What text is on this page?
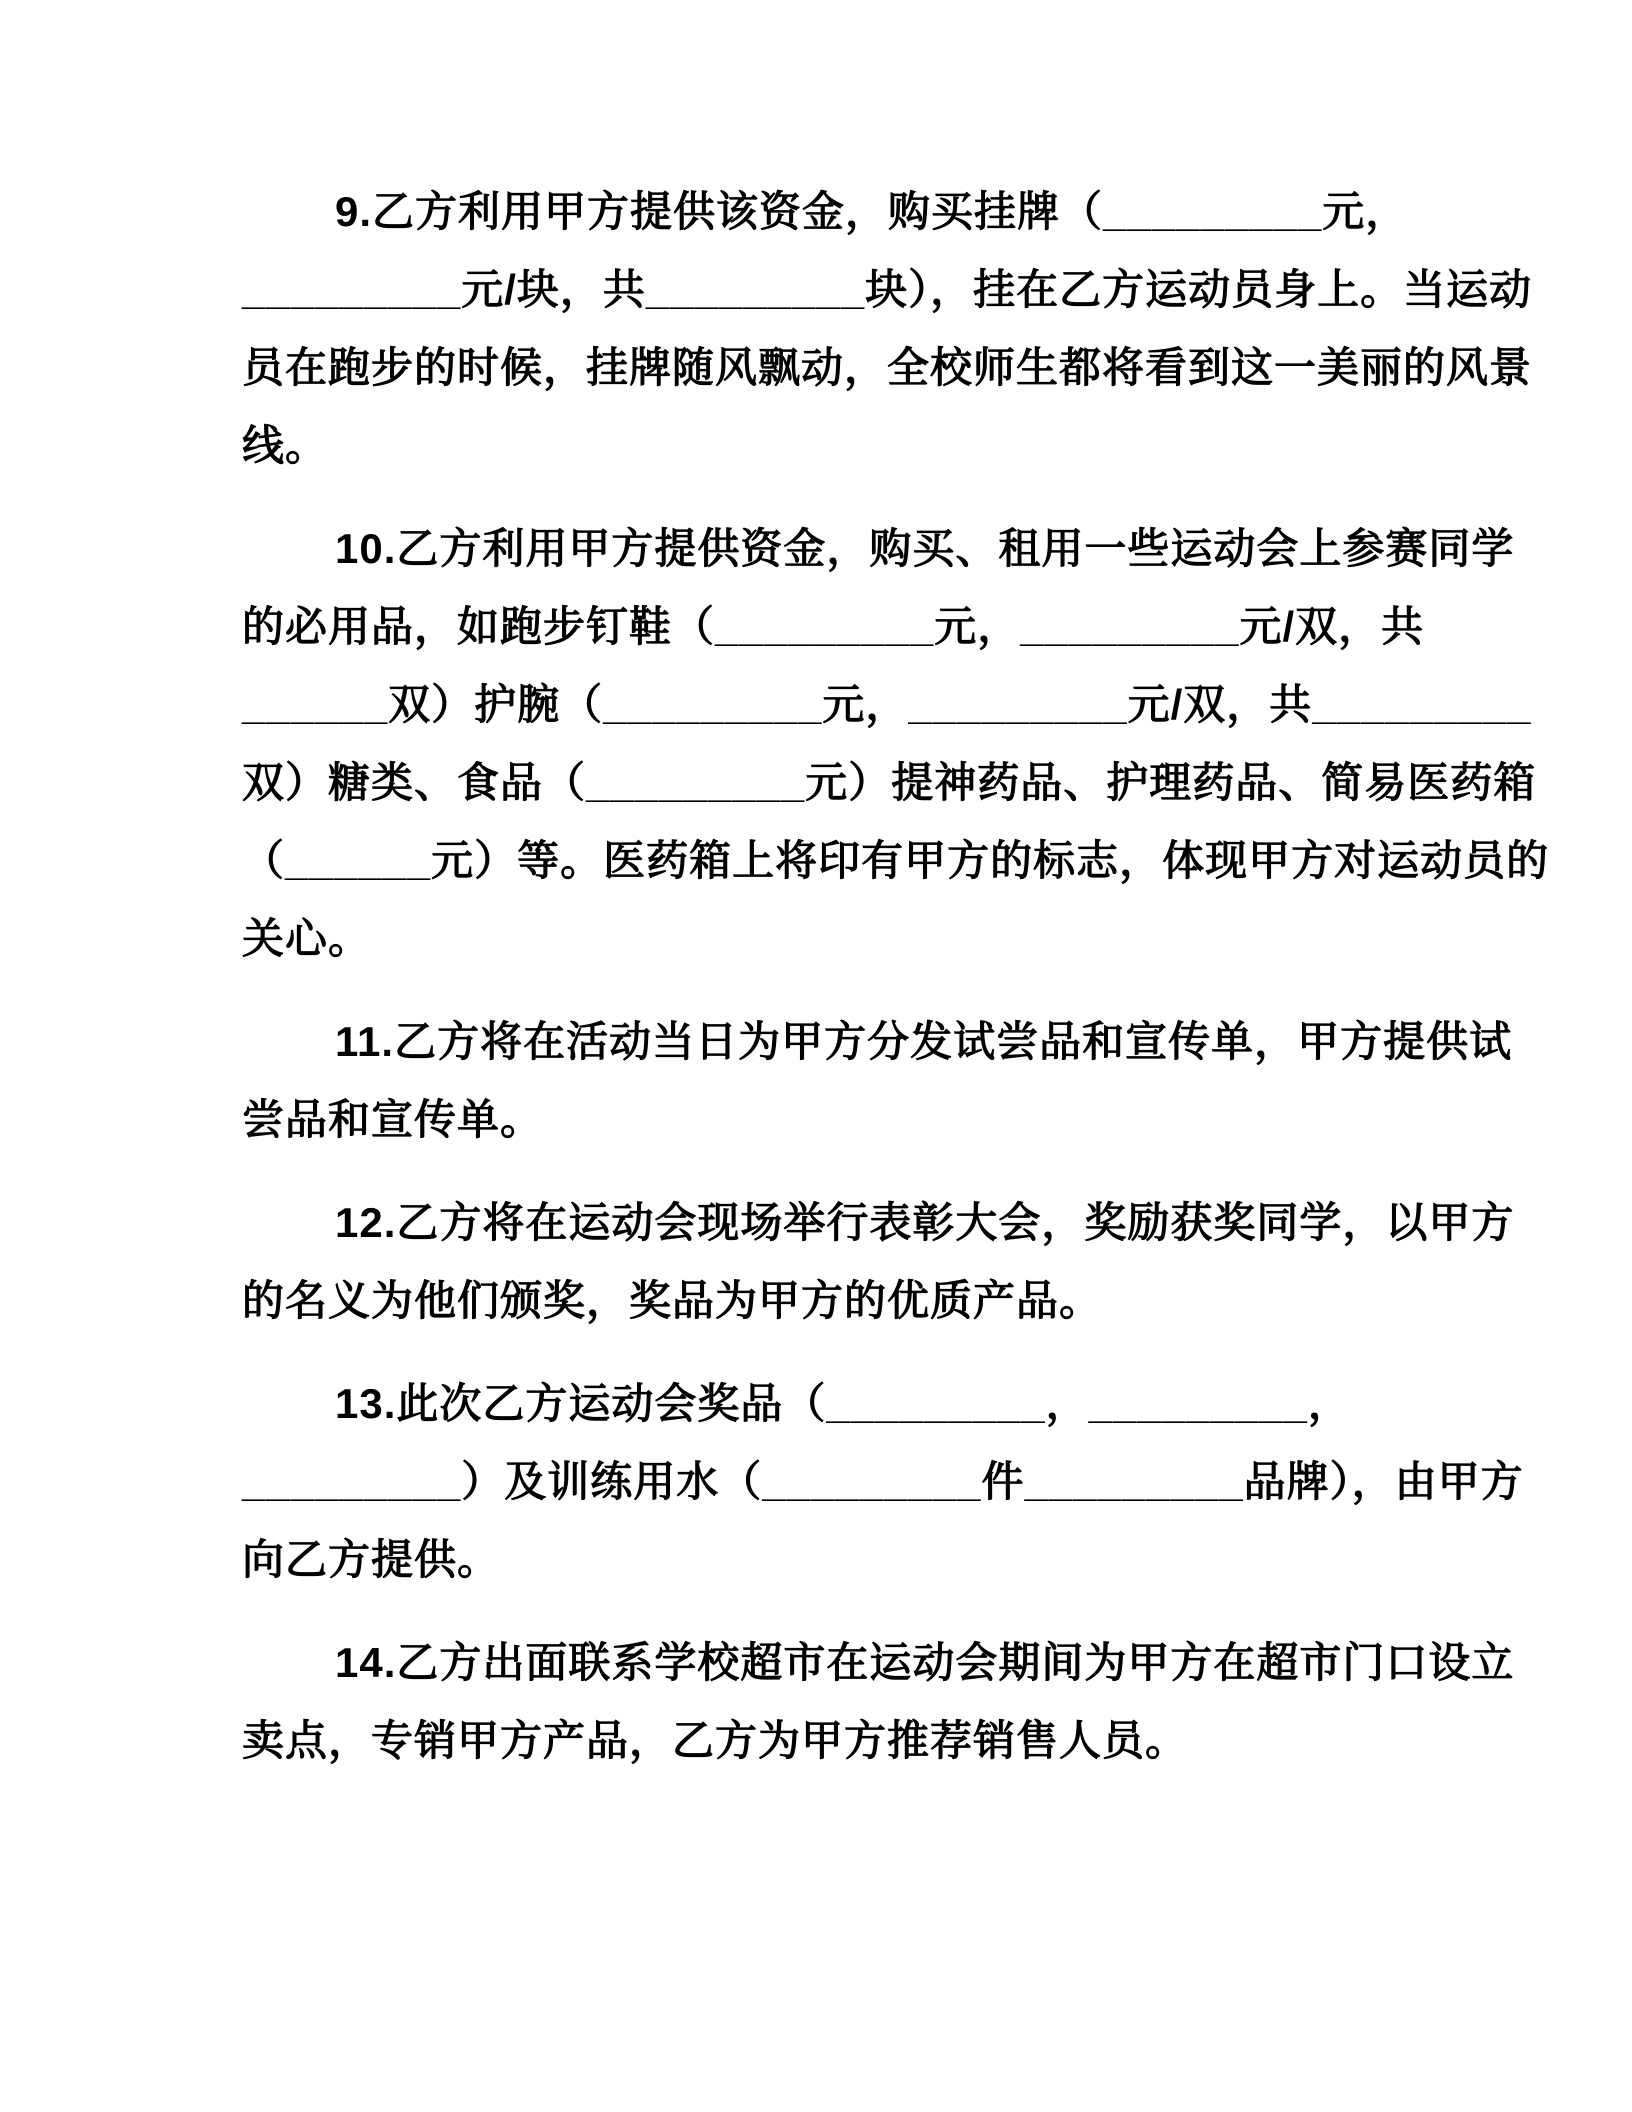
9.乙方利用甲方提供该资金，购买挂牌（_________元，
_________元/块，共_________块），挂在乙方运动员身上。当运动
员在跑步的时候，挂牌随风飘动，全校师生都将看到这一美丽的风景
线。

10.乙方利用甲方提供资金，购买、租用一些运动会上参赛同学
的必用品，如跑步钉鞋（_________元，_________元/双，共
______双）护腕（_________元，_________元/双，共_________
双）糖类、食品（_________元）提神药品、护理药品、简易医药箱
（______元）等。医药箱上将印有甲方的标志，体现甲方对运动员的
关心。

11.乙方将在活动当日为甲方分发试尝品和宣传单，甲方提供试
尝品和宣传单。

12.乙方将在运动会现场举行表彰大会，奖励获奖同学，以甲方
的名义为他们颁奖，奖品为甲方的优质产品。

13.此次乙方运动会奖品（_________，_________，
_________）及训练用水（_________件_________品牌），由甲方
向乙方提供。

14.乙方出面联系学校超市在运动会期间为甲方在超市门口设立
卖点，专销甲方产品，乙方为甲方推荐销售人员。
